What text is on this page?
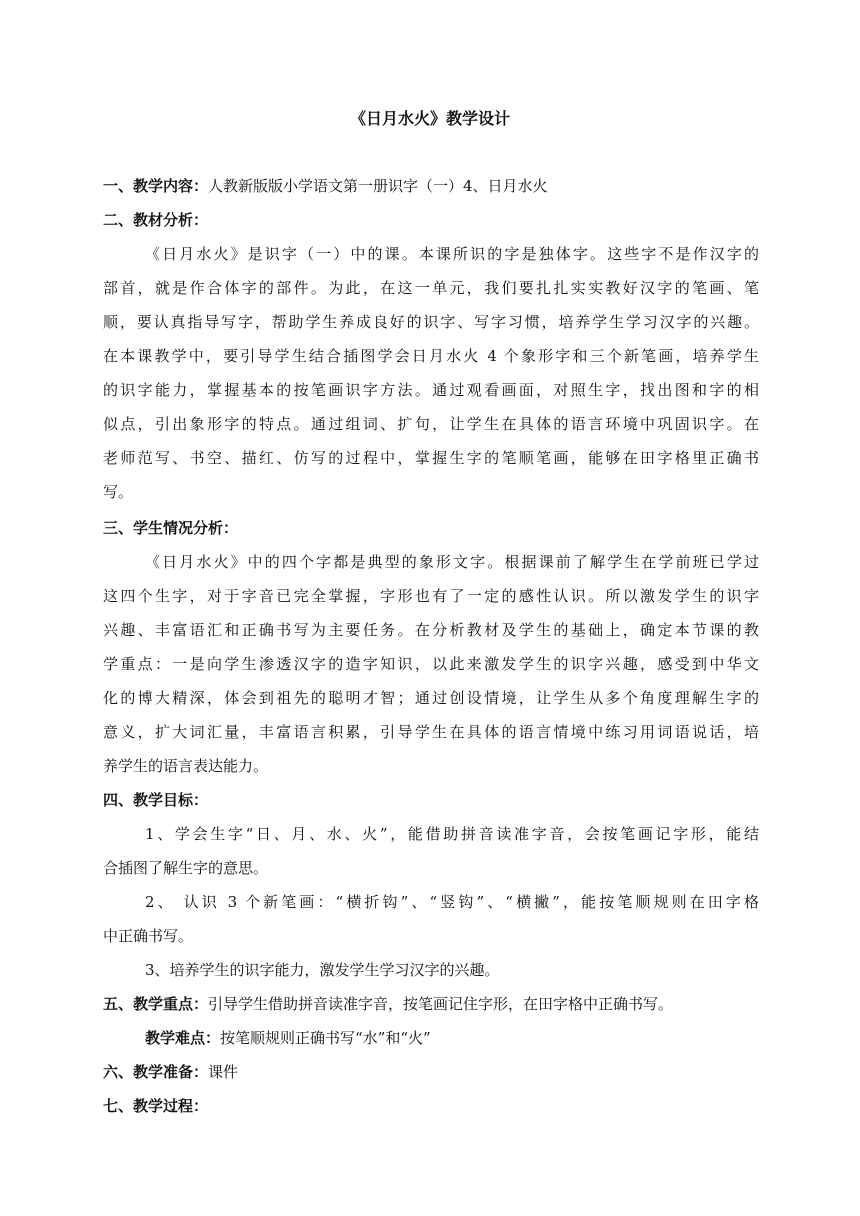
《日月水火》教学设计
一、教学内容：人教新版版小学语文第一册识字（一）4、日月水火
二、教材分析：
《日月水火》是识字（一）中的课。本课所识的字是独体字。这些字不是作汉字的
部首，就是作合体字的部件。为此，在这一单元，我们要扎扎实实教好汉字的笔画、笔
顺，要认真指导写字，帮助学生养成良好的识字、写字习惯，培养学生学习汉字的兴趣。
在本课教学中，要引导学生结合插图学会日月水火 4 个象形字和三个新笔画，培养学生
的识字能力，掌握基本的按笔画识字方法。通过观看画面，对照生字，找出图和字的相
似点，引出象形字的特点。通过组词、扩句，让学生在具体的语言环境中巩固识字。在
老师范写、书空、描红、仿写的过程中，掌握生字的笔顺笔画，能够在田字格里正确书
写。
三、学生情况分析：
《日月水火》中的四个字都是典型的象形文字。根据课前了解学生在学前班已学过
这四个生字，对于字音已完全掌握，字形也有了一定的感性认识。所以激发学生的识字
兴趣、丰富语汇和正确书写为主要任务。在分析教材及学生的基础上，确定本节课的教
学重点：一是向学生渗透汉字的造字知识，以此来激发学生的识字兴趣，感受到中华文
化的博大精深，体会到祖先的聪明才智；通过创设情境，让学生从多个角度理解生字的
意义，扩大词汇量，丰富语言积累，引导学生在具体的语言情境中练习用词语说话，培
养学生的语言表达能力。
四、教学目标：
1、学会生字“日、月、水、火”，能借助拼音读准字音，会按笔画记字形，能结
合插图了解生字的意思。
2、 认识 3 个新笔画：“横折钩”、“竖钩”、“横撇”，能按笔顺规则在田字格
中正确书写。
3、培养学生的识字能力，激发学生学习汉字的兴趣。
五、教学重点：引导学生借助拼音读准字音，按笔画记住字形，在田字格中正确书写。
教学难点：按笔顺规则正确书写“水”和“火”
六、教学准备：课件
七、教学过程：
